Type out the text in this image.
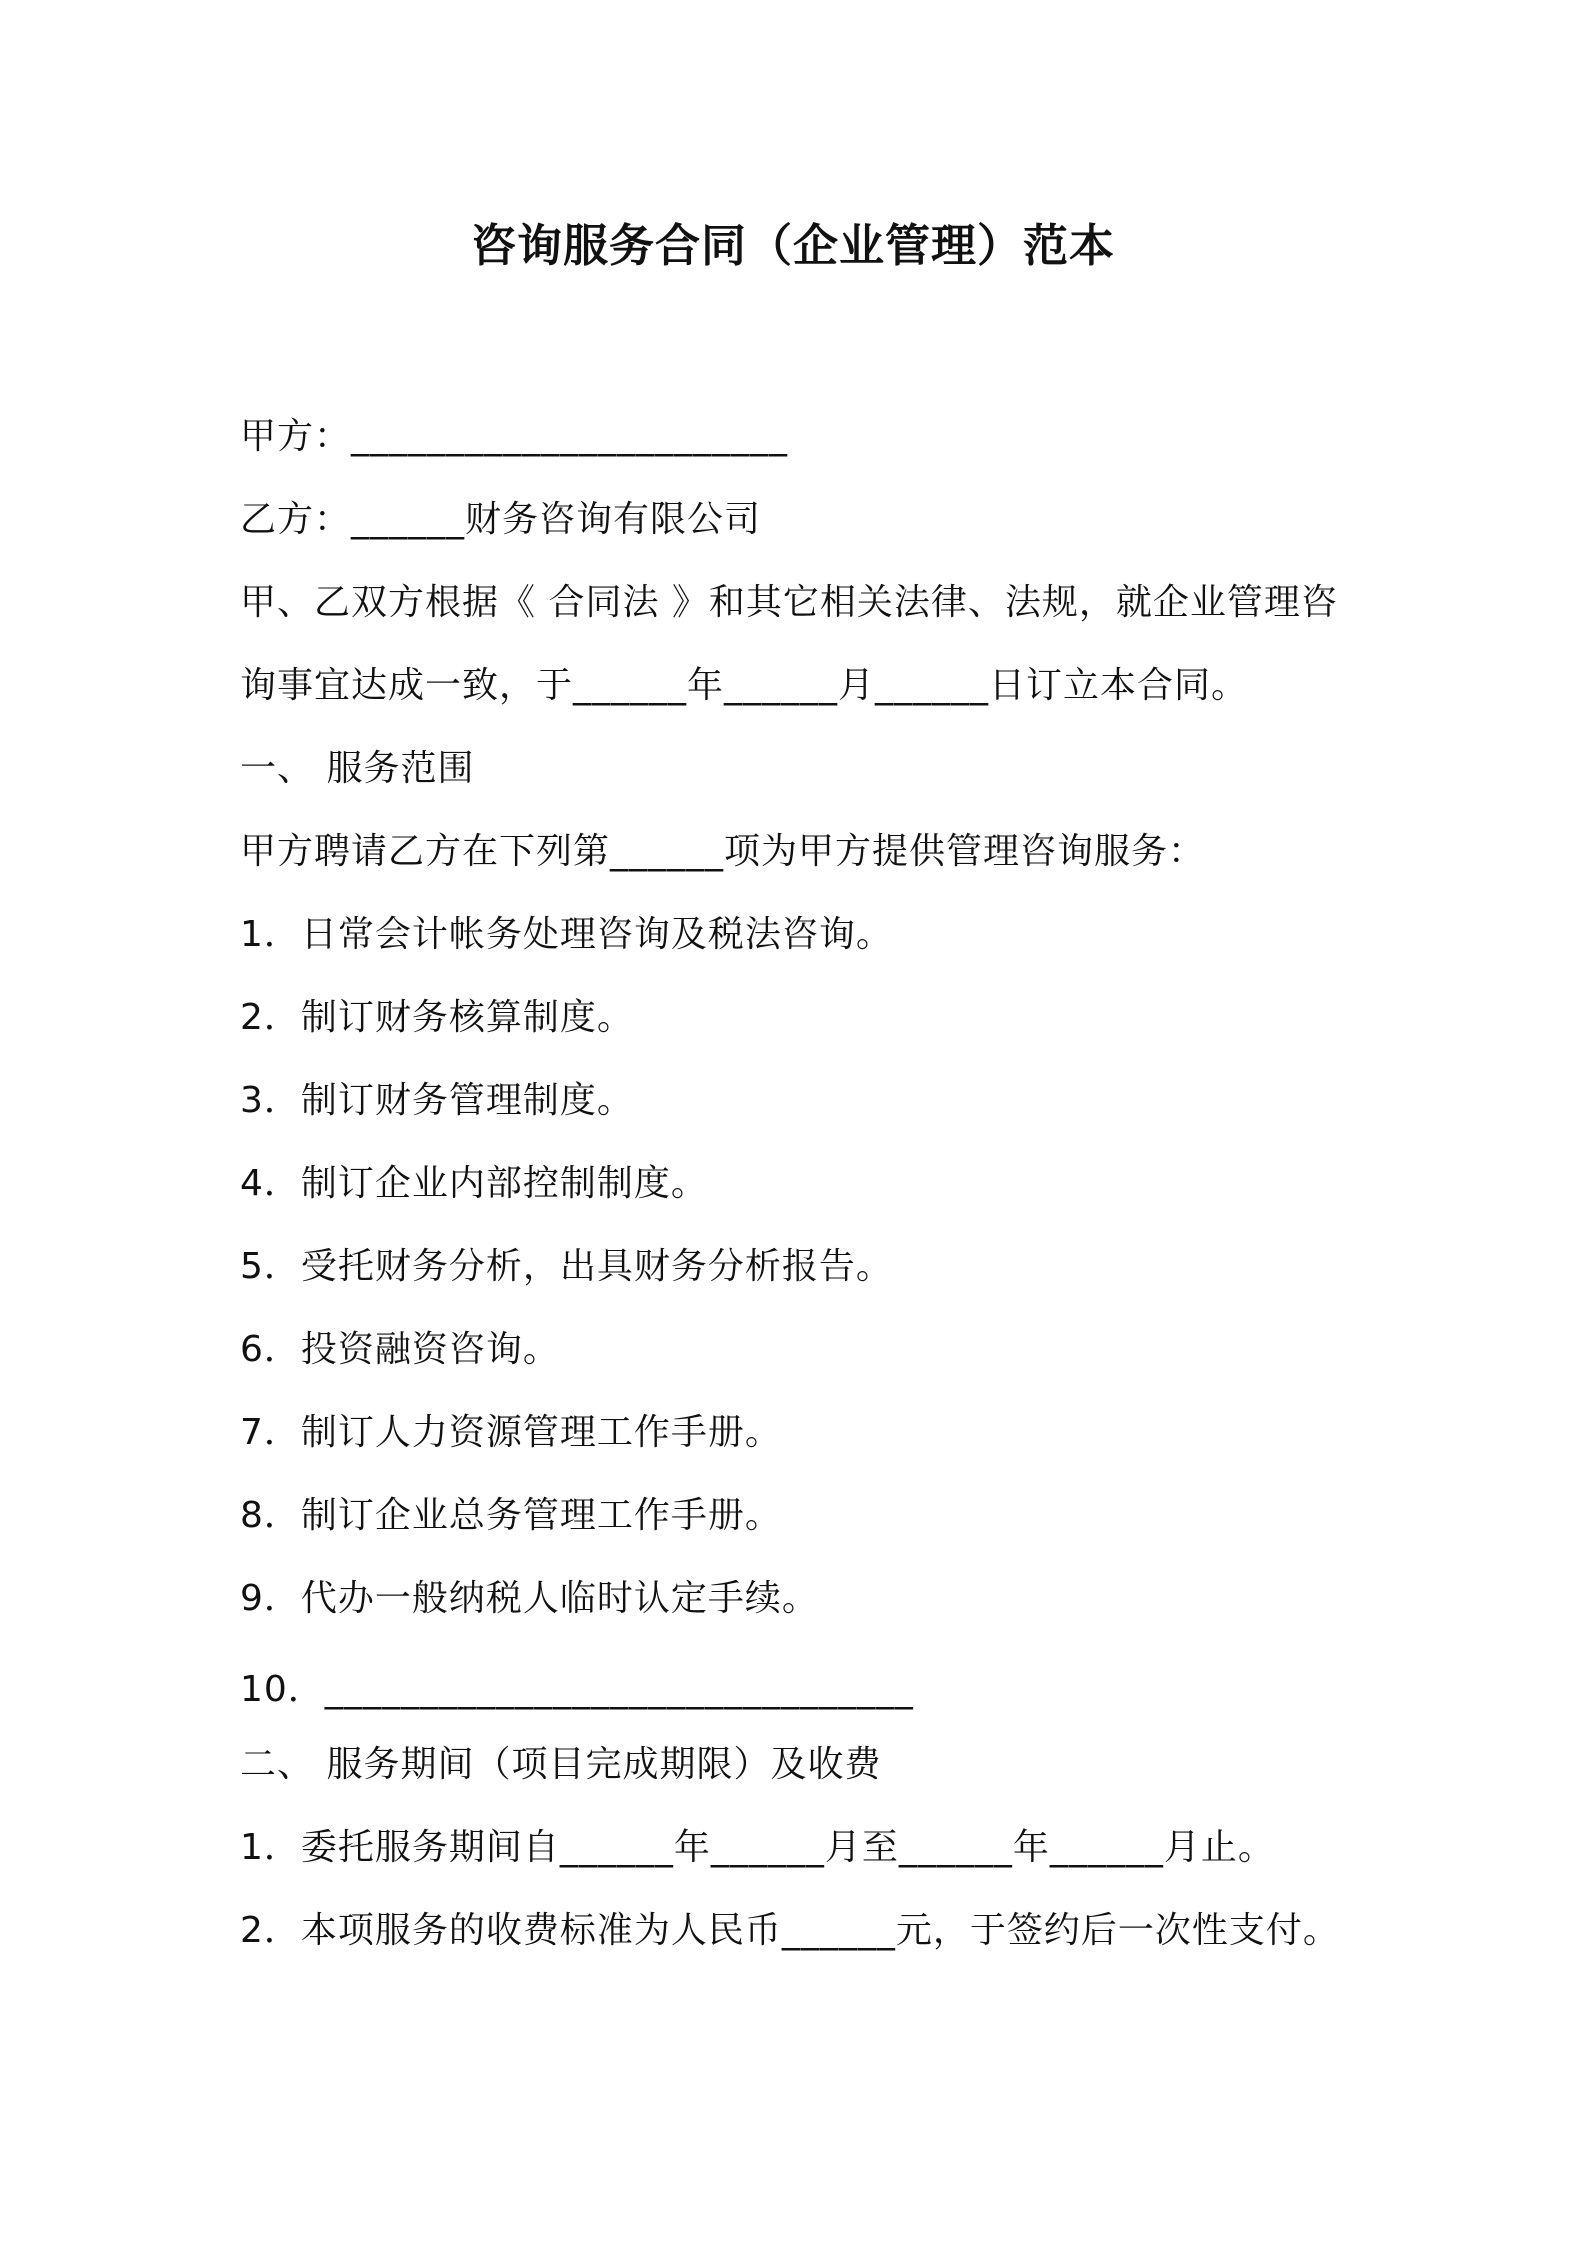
咨询服务合同（企业管理）范本
甲方：_______________________
乙方：______财务咨询有限公司
甲、乙双方根据《 合同法 》和其它相关法律、法规，就企业管理咨
询事宜达成一致，于______年______月______日订立本合同。
一、 服务范围
甲方聘请乙方在下列第______项为甲方提供管理咨询服务：
1．日常会计帐务处理咨询及税法咨询。
2．制订财务核算制度。
3．制订财务管理制度。
4．制订企业内部控制制度。
5．受托财务分析，出具财务分析报告。
6．投资融资咨询。
7．制订人力资源管理工作手册。
8．制订企业总务管理工作手册。
9．代办一般纳税人临时认定手续。
10．_______________________________
二、 服务期间（项目完成期限）及收费
1．委托服务期间自______年______月至______年______月止。
2．本项服务的收费标准为人民币______元，于签约后一次性支付。
